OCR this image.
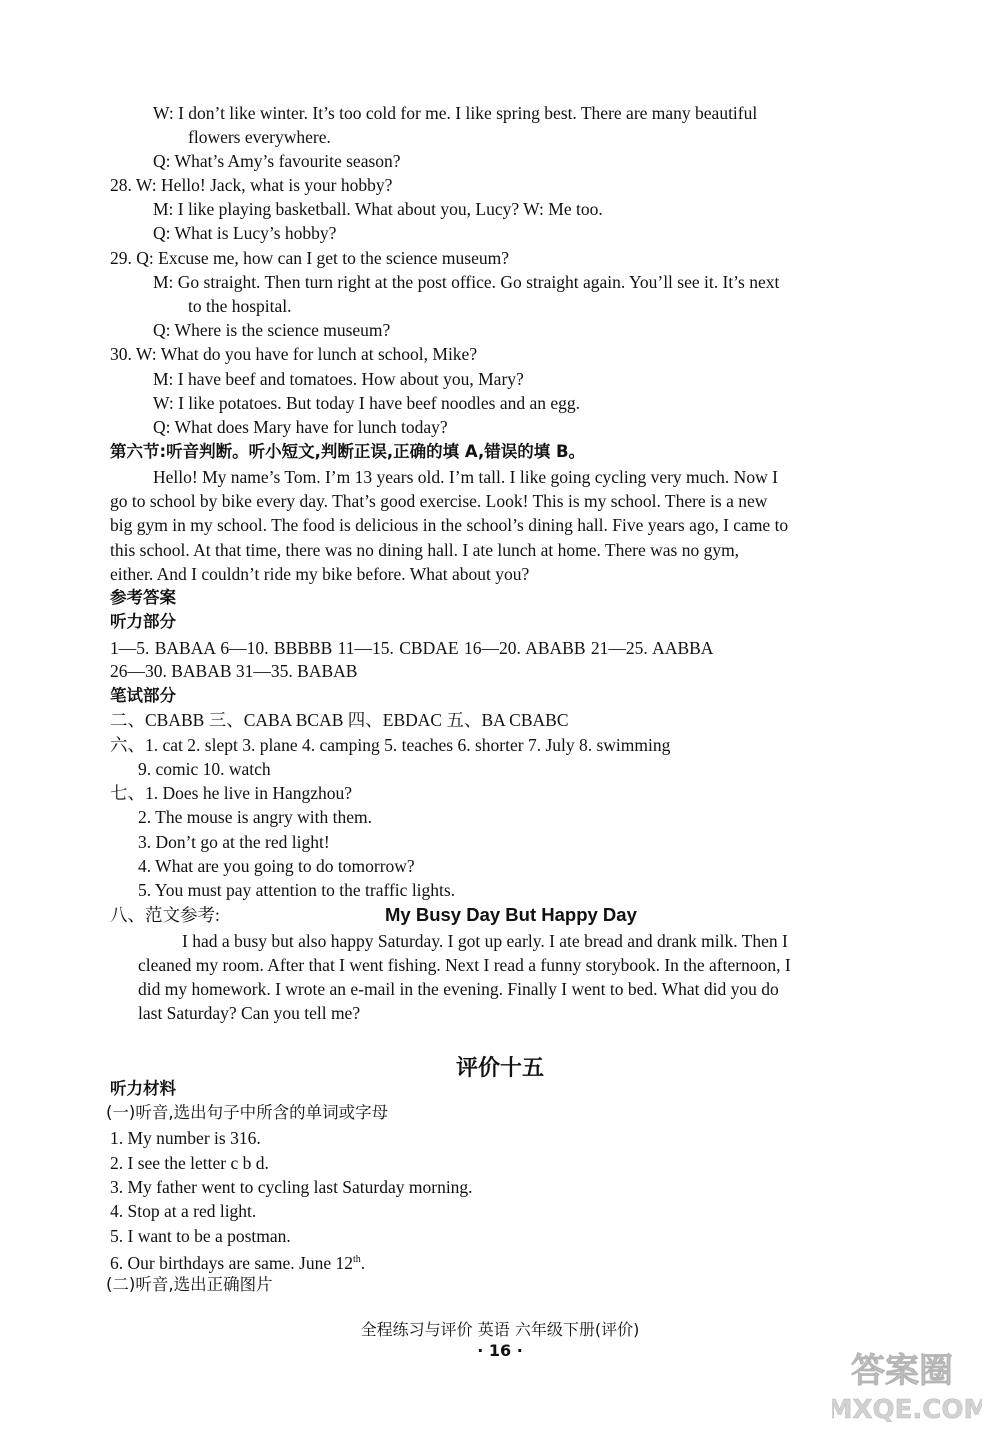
W: I don’t like winter. It’s too cold for me. I like spring best. There are many beautiful
flowers everywhere.
Q: What’s Amy’s favourite season?
28. W: Hello! Jack, what is your hobby?
M: I like playing basketball. What about you, Lucy? W: Me too.
Q: What is Lucy’s hobby?
29. Q: Excuse me, how can I get to the science museum?
M: Go straight. Then turn right at the post office. Go straight again. You’ll see it. It’s next
to the hospital.
Q: Where is the science museum?
30. W: What do you have for lunch at school, Mike?
M: I have beef and tomatoes. How about you, Mary?
W: I like potatoes. But today I have beef noodles and an egg.
Q: What does Mary have for lunch today?
第六节:听音判断。听小短文,判断正误,正确的填 A,错误的填 B。
Hello! My name’s Tom. I’m 13 years old. I’m tall. I like going cycling very much. Now I
go to school by bike every day. That’s good exercise. Look! This is my school. There is a new
big gym in my school. The food is delicious in the school’s dining hall. Five years ago, I came to
this school. At that time, there was no dining hall. I ate lunch at home. There was no gym,
either. And I couldn’t ride my bike before. What about you?
参考答案
听力部分
1—5. BABAA 6—10. BBBBB 11—15. CBDAE 16—20. ABABB 21—25. AABBA
26—30. BABAB 31—35. BABAB
笔试部分
二、CBABB 三、CABA BCAB 四、EBDAC 五、BA CBABC
六、1. cat 2. slept 3. plane 4. camping 5. teaches 6. shorter 7. July 8. swimming
9. comic 10. watch
七、1. Does he live in Hangzhou?
2. The mouse is angry with them.
3. Don’t go at the red light!
4. What are you going to do tomorrow?
5. You must pay attention to the traffic lights.
八、范文参考:	My Busy Day But Happy Day
I had a busy but also happy Saturday. I got up early. I ate bread and drank milk. Then I
cleaned my room. After that I went fishing. Next I read a funny storybook. In the afternoon, I
did my homework. I wrote an e-mail in the evening. Finally I went to bed. What did you do
last Saturday? Can you tell me?
评价十五
听力材料
(一)听音,选出句子中所含的单词或字母
1. My number is 316.
2. I see the letter c b d.
3. My father went to cycling last Saturday morning.
4. Stop at a red light.
5. I want to be a postman.
6. Our birthdays are same. June 12th.
(二)听音,选出正确图片
全程练习与评价 英语 六年级下册(评价)
· 16 ·
答案圈
MXQE.COM
